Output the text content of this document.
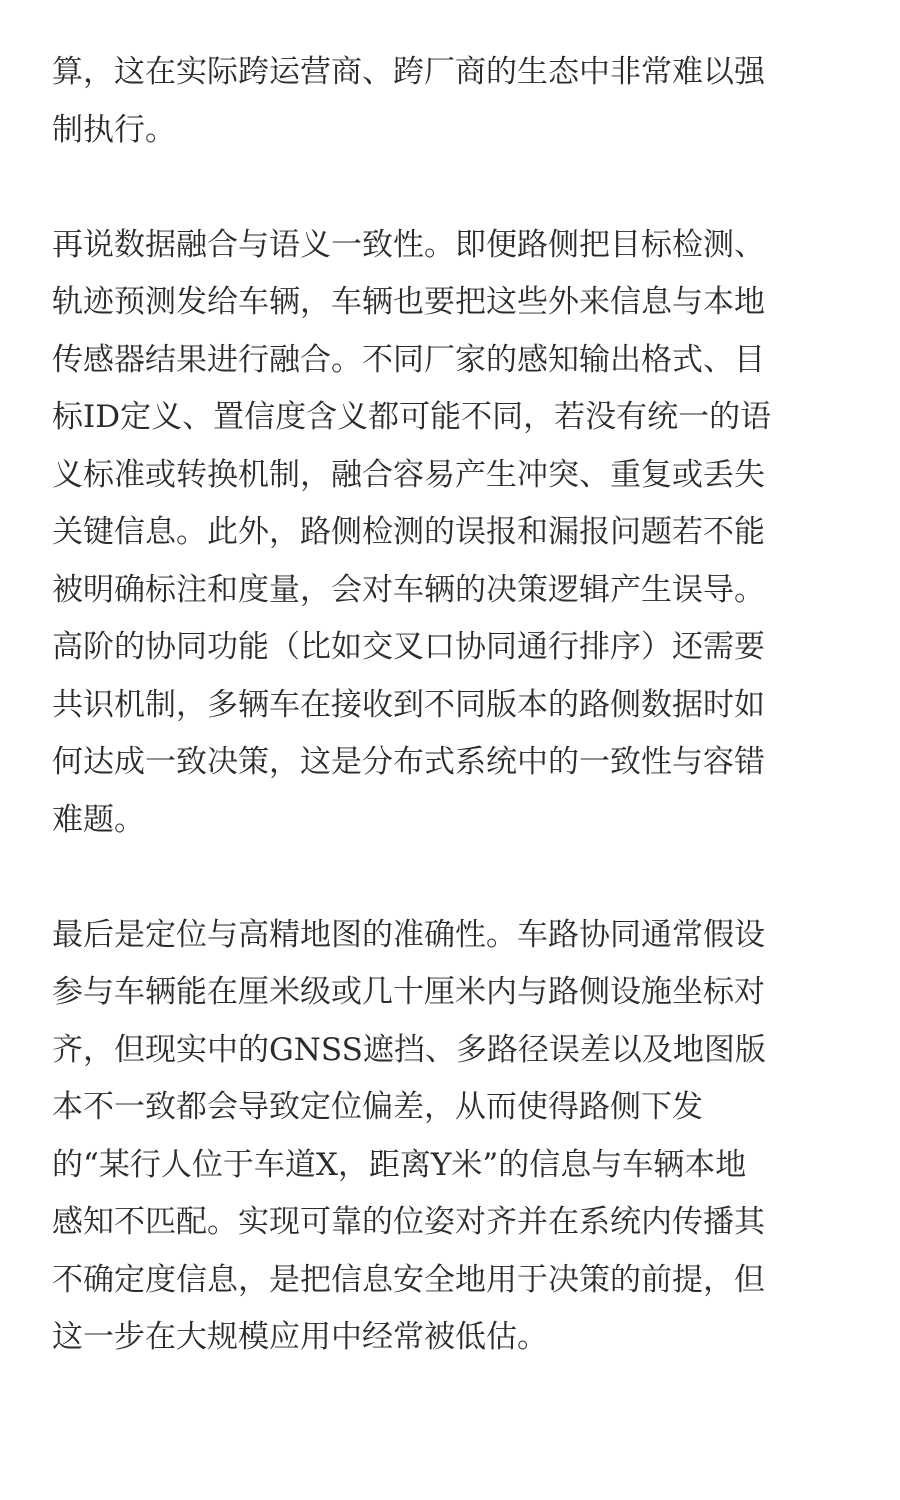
算，这在实际跨运营商、跨厂商的生态中非常难以强
制执行。
再说数据融合与语义一致性。即便路侧把目标检测、
轨迹预测发给车辆，车辆也要把这些外来信息与本地
传感器结果进行融合。不同厂家的感知输出格式、目
标ID定义、置信度含义都可能不同，若没有统一的语
义标准或转换机制，融合容易产生冲突、重复或丢失
关键信息。此外，路侧检测的误报和漏报问题若不能
被明确标注和度量，会对车辆的决策逻辑产生误导。
高阶的协同功能（比如交叉口协同通行排序）还需要
共识机制，多辆车在接收到不同版本的路侧数据时如
何达成一致决策，这是分布式系统中的一致性与容错
难题。
最后是定位与高精地图的准确性。车路协同通常假设
参与车辆能在厘米级或几十厘米内与路侧设施坐标对
齐，但现实中的GNSS遮挡、多路径误差以及地图版
本不一致都会导致定位偏差，从而使得路侧下发
的“某行人位于车道X，距离Y米”的信息与车辆本地
感知不匹配。实现可靠的位姿对齐并在系统内传播其
不确定度信息，是把信息安全地用于决策的前提，但
这一步在大规模应用中经常被低估。
